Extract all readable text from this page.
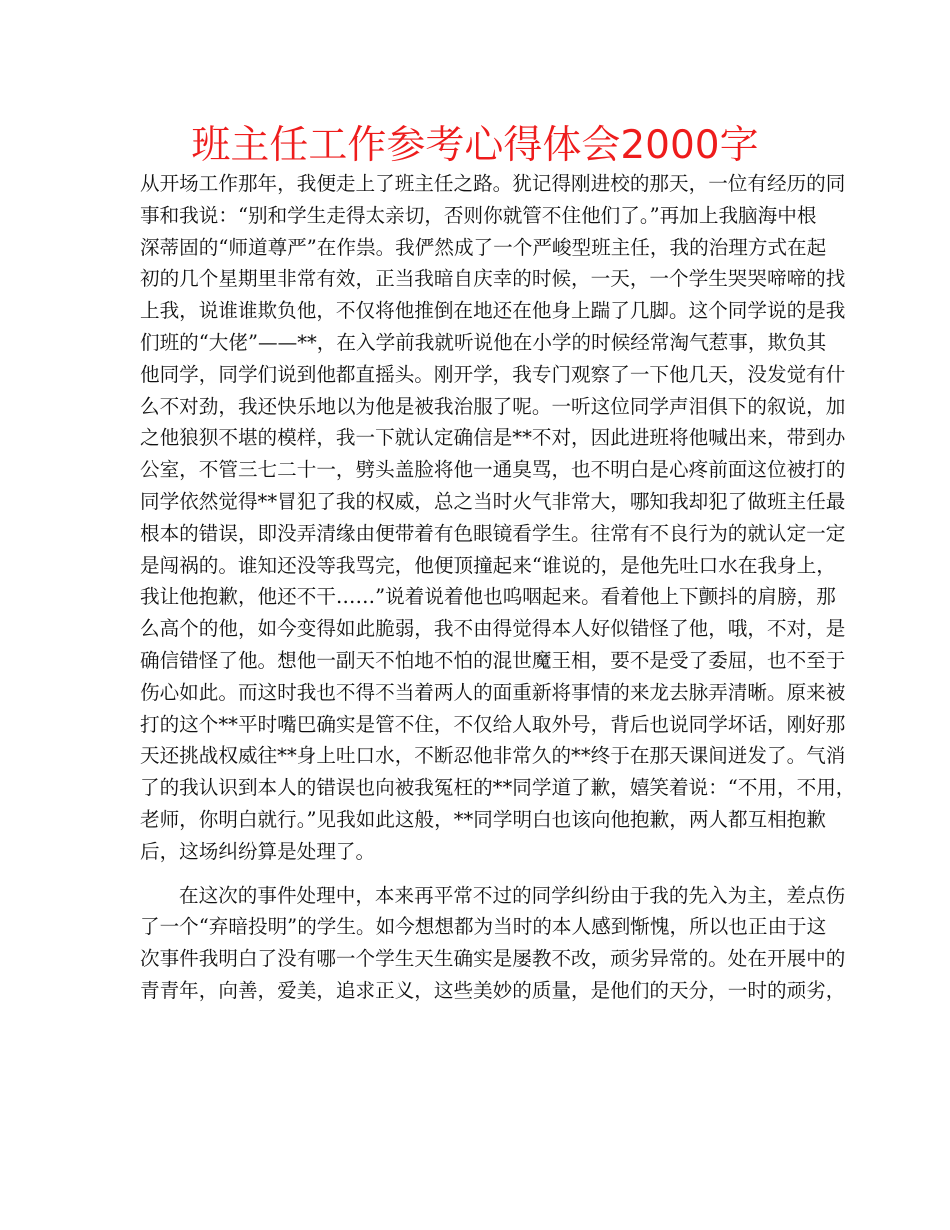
班主任工作参考心得体会2000字

从开场工作那年，我便走上了班主任之路。犹记得刚进校的那天，一位有经历的同

事和我说：“别和学生走得太亲切，否则你就管不住他们了。”再加上我脑海中根

深蒂固的“师道尊严”在作祟。我俨然成了一个严峻型班主任，我的治理方式在起

初的几个星期里非常有效，正当我暗自庆幸的时候，一天，一个学生哭哭啼啼的找

上我，说谁谁欺负他，不仅将他推倒在地还在他身上踹了几脚。这个同学说的是我

们班的“大佬”——**，在入学前我就听说他在小学的时候经常淘气惹事，欺负其

他同学，同学们说到他都直摇头。刚开学，我专门观察了一下他几天，没发觉有什

么不对劲，我还快乐地以为他是被我治服了呢。一听这位同学声泪俱下的叙说，加

之他狼狈不堪的模样，我一下就认定确信是**不对，因此进班将他喊出来，带到办

公室，不管三七二十一，劈头盖脸将他一通臭骂，也不明白是心疼前面这位被打的

同学依然觉得**冒犯了我的权威，总之当时火气非常大，哪知我却犯了做班主任最

根本的错误，即没弄清缘由便带着有色眼镜看学生。往常有不良行为的就认定一定

是闯祸的。谁知还没等我骂完，他便顶撞起来“谁说的，是他先吐口水在我身上，

我让他抱歉，他还不干……”说着说着他也呜咽起来。看着他上下颤抖的肩膀，那

么高个的他，如今变得如此脆弱，我不由得觉得本人好似错怪了他，哦，不对，是

确信错怪了他。想他一副天不怕地不怕的混世魔王相，要不是受了委屈，也不至于

伤心如此。而这时我也不得不当着两人的面重新将事情的来龙去脉弄清晰。原来被

打的这个**平时嘴巴确实是管不住，不仅给人取外号，背后也说同学坏话，刚好那

天还挑战权威往**身上吐口水，不断忍他非常久的**终于在那天课间迸发了。气消

了的我认识到本人的错误也向被我冤枉的**同学道了歉，嬉笑着说：“不用，不用，

老师，你明白就行。”见我如此这般，**同学明白也该向他抱歉，两人都互相抱歉

后，这场纠纷算是处理了。

在这次的事件处理中，本来再平常不过的同学纠纷由于我的先入为主，差点伤

了一个“弃暗投明”的学生。如今想想都为当时的本人感到惭愧，所以也正由于这

次事件我明白了没有哪一个学生天生确实是屡教不改，顽劣异常的。处在开展中的

青青年，向善，爱美，追求正义，这些美妙的质量，是他们的天分，一时的顽劣，
